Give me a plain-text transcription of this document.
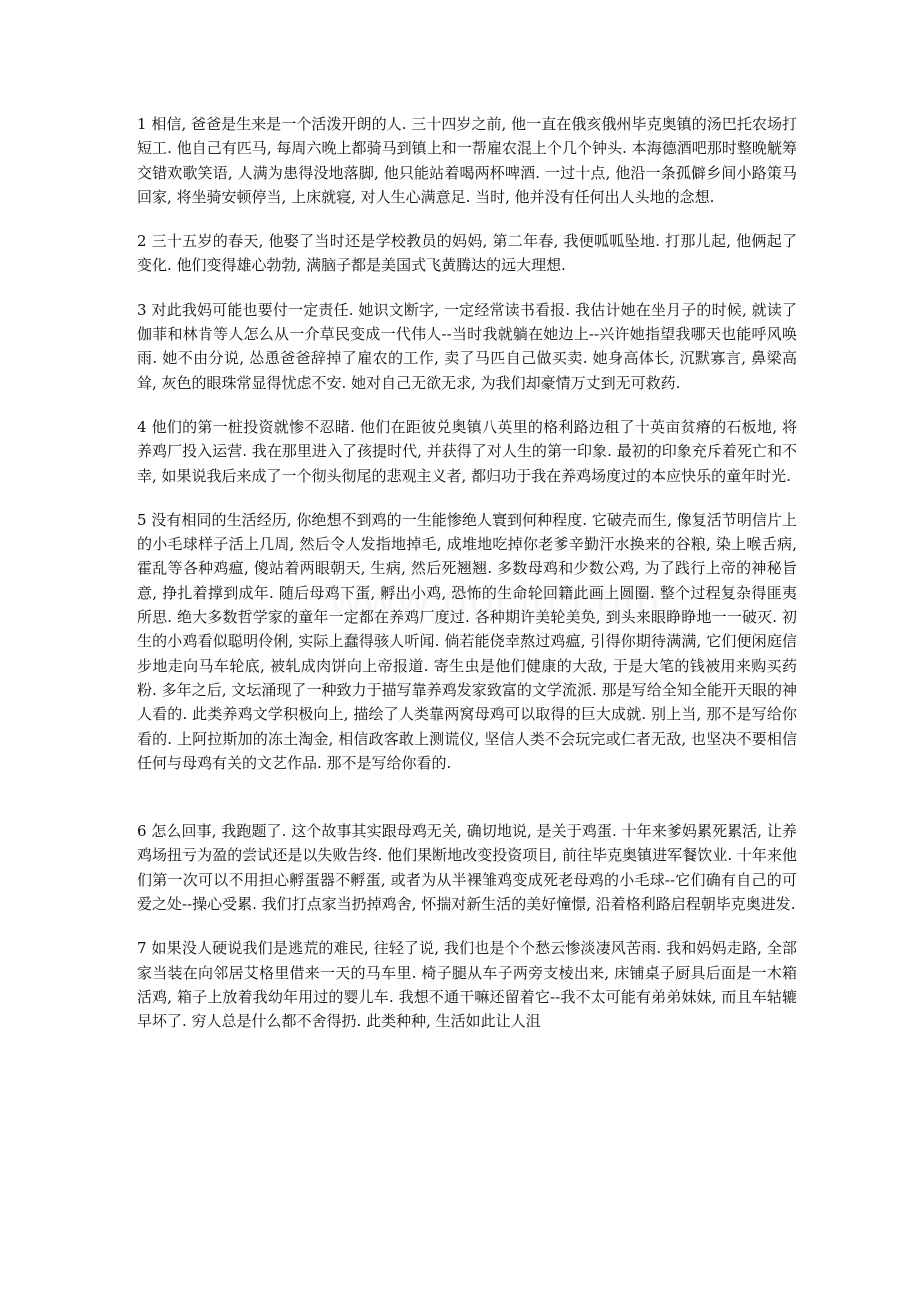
1 相信, 爸爸是生来是一个活泼开朗的人. 三十四岁之前, 他一直在俄亥俄州毕克奥镇的汤巴托农场打短工. 他自己有匹马, 每周六晚上都骑马到镇上和一帮雇农混上个几个钟头. 本海德酒吧那时整晚觥筹交错欢歌笑语, 人满为患得没地落脚, 他只能站着喝两杯啤酒. 一过十点, 他沿一条孤僻乡间小路策马回家, 将坐骑安顿停当, 上床就寝, 对人生心满意足. 当时, 他并没有任何出人头地的念想.

2 三十五岁的春天, 他娶了当时还是学校教员的妈妈, 第二年春, 我便呱呱坠地. 打那儿起, 他俩起了变化. 他们变得雄心勃勃, 满脑子都是美国式飞黄腾达的远大理想.

3 对此我妈可能也要付一定责任. 她识文断字, 一定经常读书看报. 我估计她在坐月子的时候, 就读了伽菲和林肯等人怎么从一介草民变成一代伟人--当时我就躺在她边上--兴许她指望我哪天也能呼风唤雨. 她不由分说, 怂恿爸爸辞掉了雇农的工作, 卖了马匹自己做买卖. 她身高体长, 沉默寡言, 鼻梁高耸, 灰色的眼珠常显得忧虑不安. 她对自己无欲无求, 为我们却豪情万丈到无可救药.

4 他们的第一桩投资就惨不忍睹. 他们在距彼兑奥镇八英里的格利路边租了十英亩贫瘠的石板地, 将养鸡厂投入运营. 我在那里进入了孩提时代, 并获得了对人生的第一印象. 最初的印象充斥着死亡和不幸, 如果说我后来成了一个彻头彻尾的悲观主义者, 都归功于我在养鸡场度过的本应快乐的童年时光.

5 没有相同的生活经历, 你绝想不到鸡的一生能惨绝人寰到何种程度. 它破壳而生, 像复活节明信片上的小毛球样子活上几周, 然后令人发指地掉毛, 成堆地吃掉你老爹辛勤汗水换来的谷粮, 染上喉舌病, 霍乱等各种鸡瘟, 傻站着两眼朝天, 生病, 然后死翘翘. 多数母鸡和少数公鸡, 为了践行上帝的神秘旨意, 挣扎着撑到成年. 随后母鸡下蛋, 孵出小鸡, 恐怖的生命轮回籍此画上圆圈. 整个过程复杂得匪夷所思. 绝大多数哲学家的童年一定都在养鸡厂度过. 各种期许美轮美奂, 到头来眼睁睁地一一破灭. 初生的小鸡看似聪明伶俐, 实际上蠢得骇人听闻. 倘若能侥幸熬过鸡瘟, 引得你期待满满, 它们便闲庭信步地走向马车轮底, 被轧成肉饼向上帝报道. 寄生虫是他们健康的大敌, 于是大笔的钱被用来购买药粉. 多年之后, 文坛涌现了一种致力于描写靠养鸡发家致富的文学流派. 那是写给全知全能开天眼的神人看的. 此类养鸡文学积极向上, 描绘了人类靠两窝母鸡可以取得的巨大成就. 别上当, 那不是写给你看的. 上阿拉斯加的冻土淘金, 相信政客敢上测谎仪, 坚信人类不会玩完或仁者无敌, 也坚决不要相信任何与母鸡有关的文艺作品. 那不是写给你看的.

6 怎么回事, 我跑题了. 这个故事其实跟母鸡无关, 确切地说, 是关于鸡蛋. 十年来爹妈累死累活, 让养鸡场扭亏为盈的尝试还是以失败告终. 他们果断地改变投资项目, 前往毕克奥镇进军餐饮业. 十年来他们第一次可以不用担心孵蛋器不孵蛋, 或者为从半裸雏鸡变成死老母鸡的小毛球--它们确有自己的可爱之处--操心受累. 我们打点家当扔掉鸡舍, 怀揣对新生活的美好憧憬, 沿着格利路启程朝毕克奥进发.

7 如果没人硬说我们是逃荒的难民, 往轻了说, 我们也是个个愁云惨淡凄风苦雨. 我和妈妈走路, 全部家当装在向邻居艾格里借来一天的马车里. 椅子腿从车子两旁支棱出来, 床铺桌子厨具后面是一木箱活鸡, 箱子上放着我幼年用过的婴儿车. 我想不通干嘛还留着它--我不太可能有弟弟妹妹, 而且车轱辘早坏了. 穷人总是什么都不舍得扔. 此类种种, 生活如此让人沮
